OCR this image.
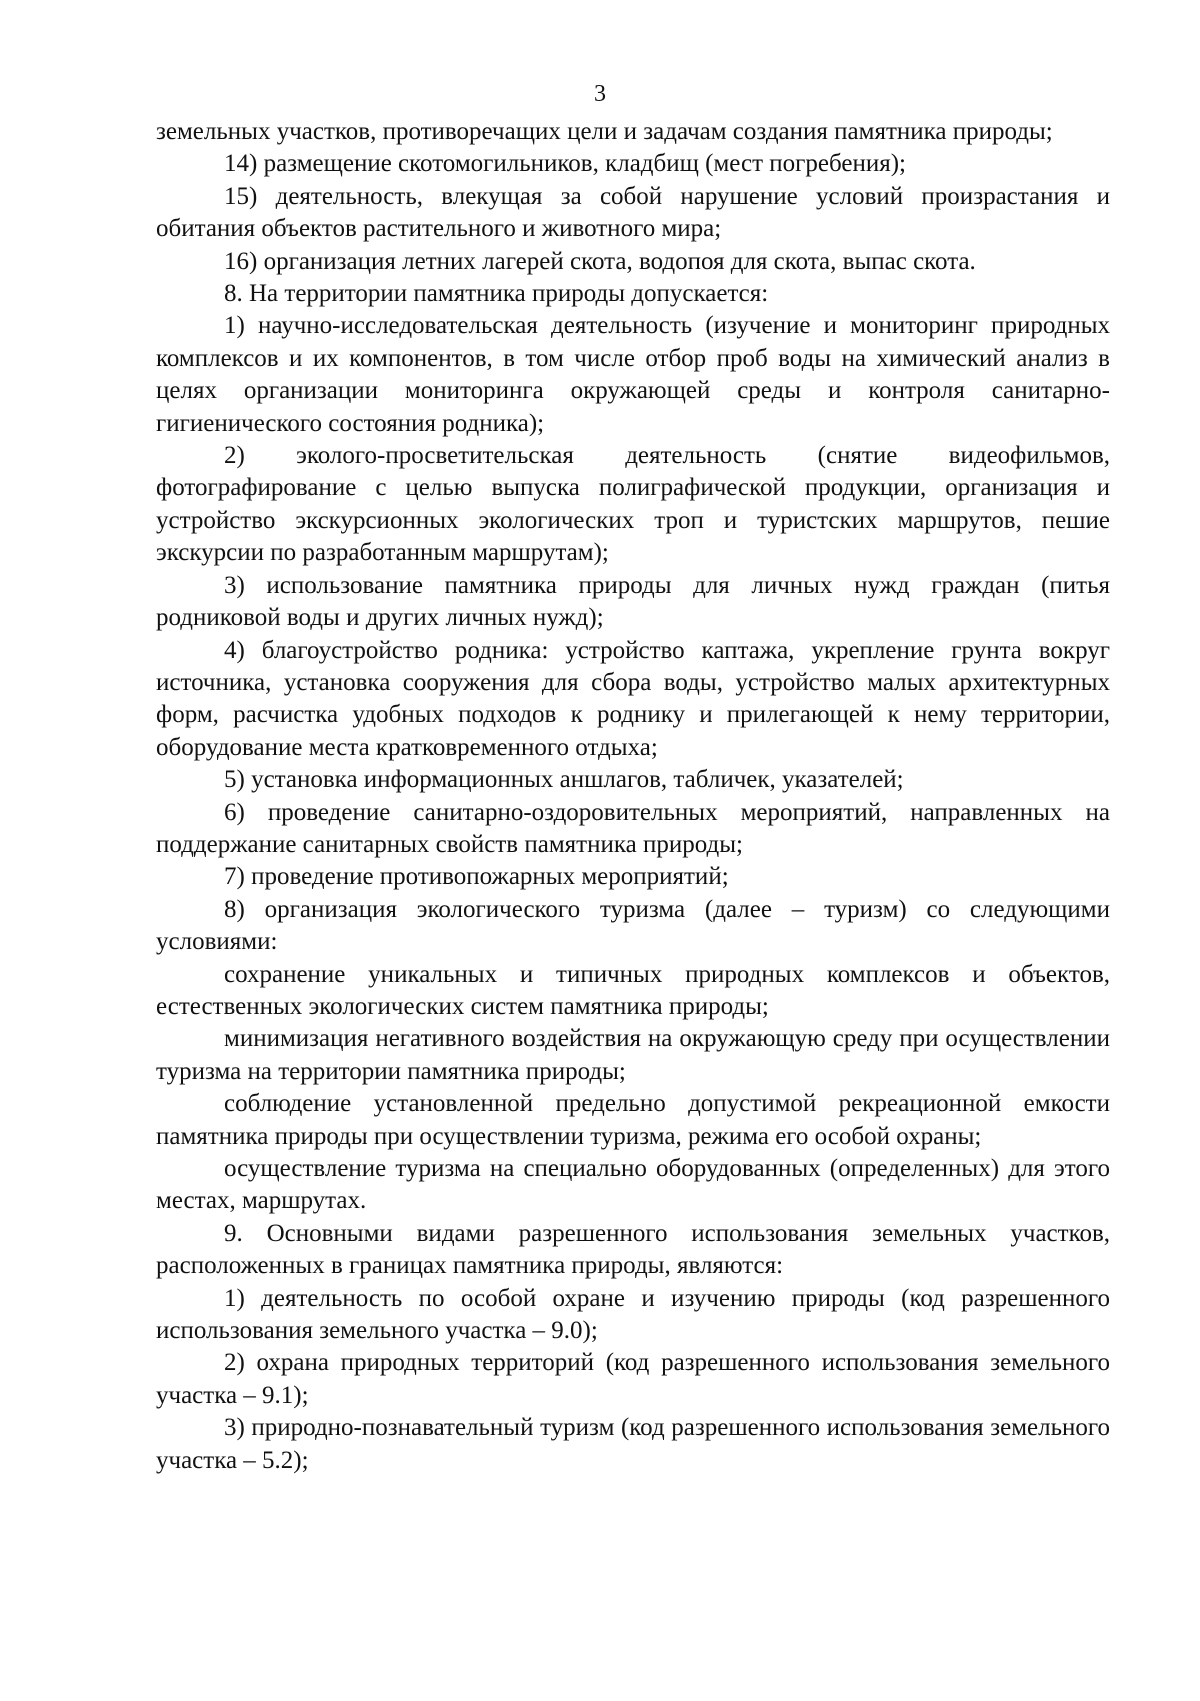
3

земельных участков, противоречащих цели и задачам создания памятника природы;

14) размещение скотомогильников, кладбищ (мест погребения);

15) деятельность, влекущая за собой нарушение условий произрастания и обитания объектов растительного и животного мира;

16) организация летних лагерей скота, водопоя для скота, выпас скота.

8. На территории памятника природы допускается:

1) научно-исследовательская деятельность (изучение и мониторинг природных комплексов и их компонентов, в том числе отбор проб воды на химический анализ в целях организации мониторинга окружающей среды и контроля санитарно-гигиенического состояния родника);

2) эколого-просветительская деятельность (снятие видеофильмов, фотографирование с целью выпуска полиграфической продукции, организация и устройство экскурсионных экологических троп и туристских маршрутов, пешие экскурсии по разработанным маршрутам);

3) использование памятника природы для личных нужд граждан (питья родниковой воды и других личных нужд);

4) благоустройство родника: устройство каптажа, укрепление грунта вокруг источника, установка сооружения для сбора воды, устройство малых архитектурных форм, расчистка удобных подходов к роднику и прилегающей к нему территории, оборудование места кратковременного отдыха;

5) установка информационных аншлагов, табличек, указателей;

6) проведение санитарно-оздоровительных мероприятий, направленных на поддержание санитарных свойств памятника природы;

7) проведение противопожарных мероприятий;

8) организация экологического туризма (далее – туризм) со следующими условиями:

сохранение уникальных и типичных природных комплексов и объектов, естественных экологических систем памятника природы;

минимизация негативного воздействия на окружающую среду при осуществлении туризма на территории памятника природы;

соблюдение установленной предельно допустимой рекреационной емкости памятника природы при осуществлении туризма, режима его особой охраны;

осуществление туризма на специально оборудованных (определенных) для этого местах, маршрутах.

9. Основными видами разрешенного использования земельных участков, расположенных в границах памятника природы, являются:

1) деятельность по особой охране и изучению природы (код разрешенного использования земельного участка – 9.0);

2) охрана природных территорий (код разрешенного использования земельного участка – 9.1);

3) природно-познавательный туризм (код разрешенного использования земельного участка – 5.2);
